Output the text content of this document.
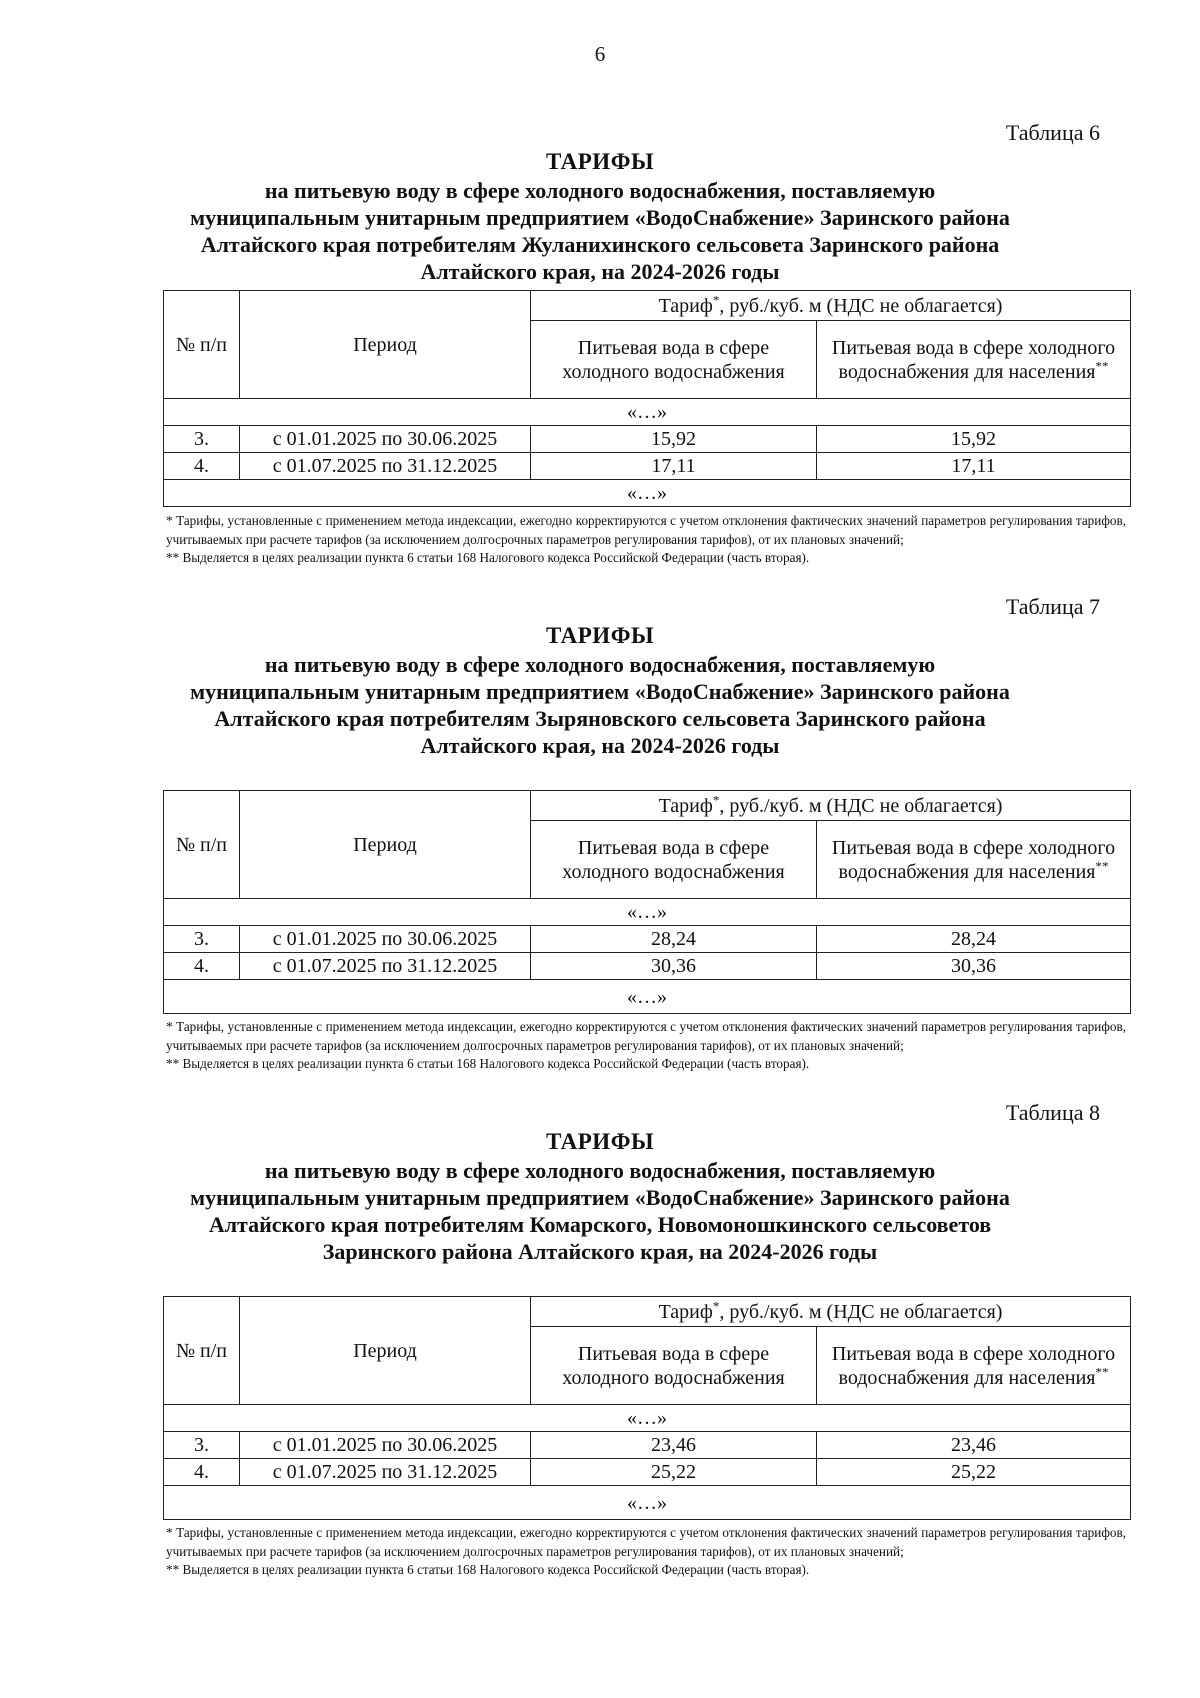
6
Таблица 6
ТАРИФЫ
на питьевую воду в сфере холодного водоснабжения, поставляемую
муниципальным унитарным предприятием «ВодоСнабжение» Заринского района
Алтайского края потребителям Жуланихинского сельсовета Заринского района
Алтайского края, на 2024-2026 годы
№ п/п	Период	Тариф*, руб./куб. м (НДС не облагается)	
		Питьевая вода в сфере холодного водоснабжения	Питьевая вода в сфере холодного водоснабжения для населения**
«…»			
3.	с 01.01.2025 по 30.06.2025	15,92	15,92
4.	с 01.07.2025 по 31.12.2025	17,11	17,11
«…»			

* Тарифы, установленные с применением метода индексации, ежегодно корректируются с учетом отклонения фактических значений параметров регулирования тарифов, учитываемых при расчете тарифов (за исключением долгосрочных параметров регулирования тарифов), от их плановых значений;

** Выделяется в целях реализации пункта 6 статьи 168 Налогового кодекса Российской Федерации (часть вторая).

Таблица 7
ТАРИФЫ
на питьевую воду в сфере холодного водоснабжения, поставляемую
муниципальным унитарным предприятием «ВодоСнабжение» Заринского района
Алтайского края потребителям Зыряновского сельсовета Заринского района
Алтайского края, на 2024-2026 годы
№ п/п	Период	Тариф*, руб./куб. м (НДС не облагается)	
		Питьевая вода в сфере холодного водоснабжения	Питьевая вода в сфере холодного водоснабжения для населения**
«…»			
3.	с 01.01.2025 по 30.06.2025	28,24	28,24
4.	с 01.07.2025 по 31.12.2025	30,36	30,36
«…»			

* Тарифы, установленные с применением метода индексации, ежегодно корректируются с учетом отклонения фактических значений параметров регулирования тарифов, учитываемых при расчете тарифов (за исключением долгосрочных параметров регулирования тарифов), от их плановых значений;

** Выделяется в целях реализации пункта 6 статьи 168 Налогового кодекса Российской Федерации (часть вторая).

Таблица 8
ТАРИФЫ
на питьевую воду в сфере холодного водоснабжения, поставляемую
муниципальным унитарным предприятием «ВодоСнабжение» Заринского района
Алтайского края потребителям Комарского, Новомоношкинского сельсоветов
Заринского района Алтайского края, на 2024-2026 годы
№ п/п	Период	Тариф*, руб./куб. м (НДС не облагается)	
		Питьевая вода в сфере холодного водоснабжения	Питьевая вода в сфере холодного водоснабжения для населения**
«…»			
3.	с 01.01.2025 по 30.06.2025	23,46	23,46
4.	с 01.07.2025 по 31.12.2025	25,22	25,22
«…»			

* Тарифы, установленные с применением метода индексации, ежегодно корректируются с учетом отклонения фактических значений параметров регулирования тарифов, учитываемых при расчете тарифов (за исключением долгосрочных параметров регулирования тарифов), от их плановых значений;

** Выделяется в целях реализации пункта 6 статьи 168 Налогового кодекса Российской Федерации (часть вторая).
